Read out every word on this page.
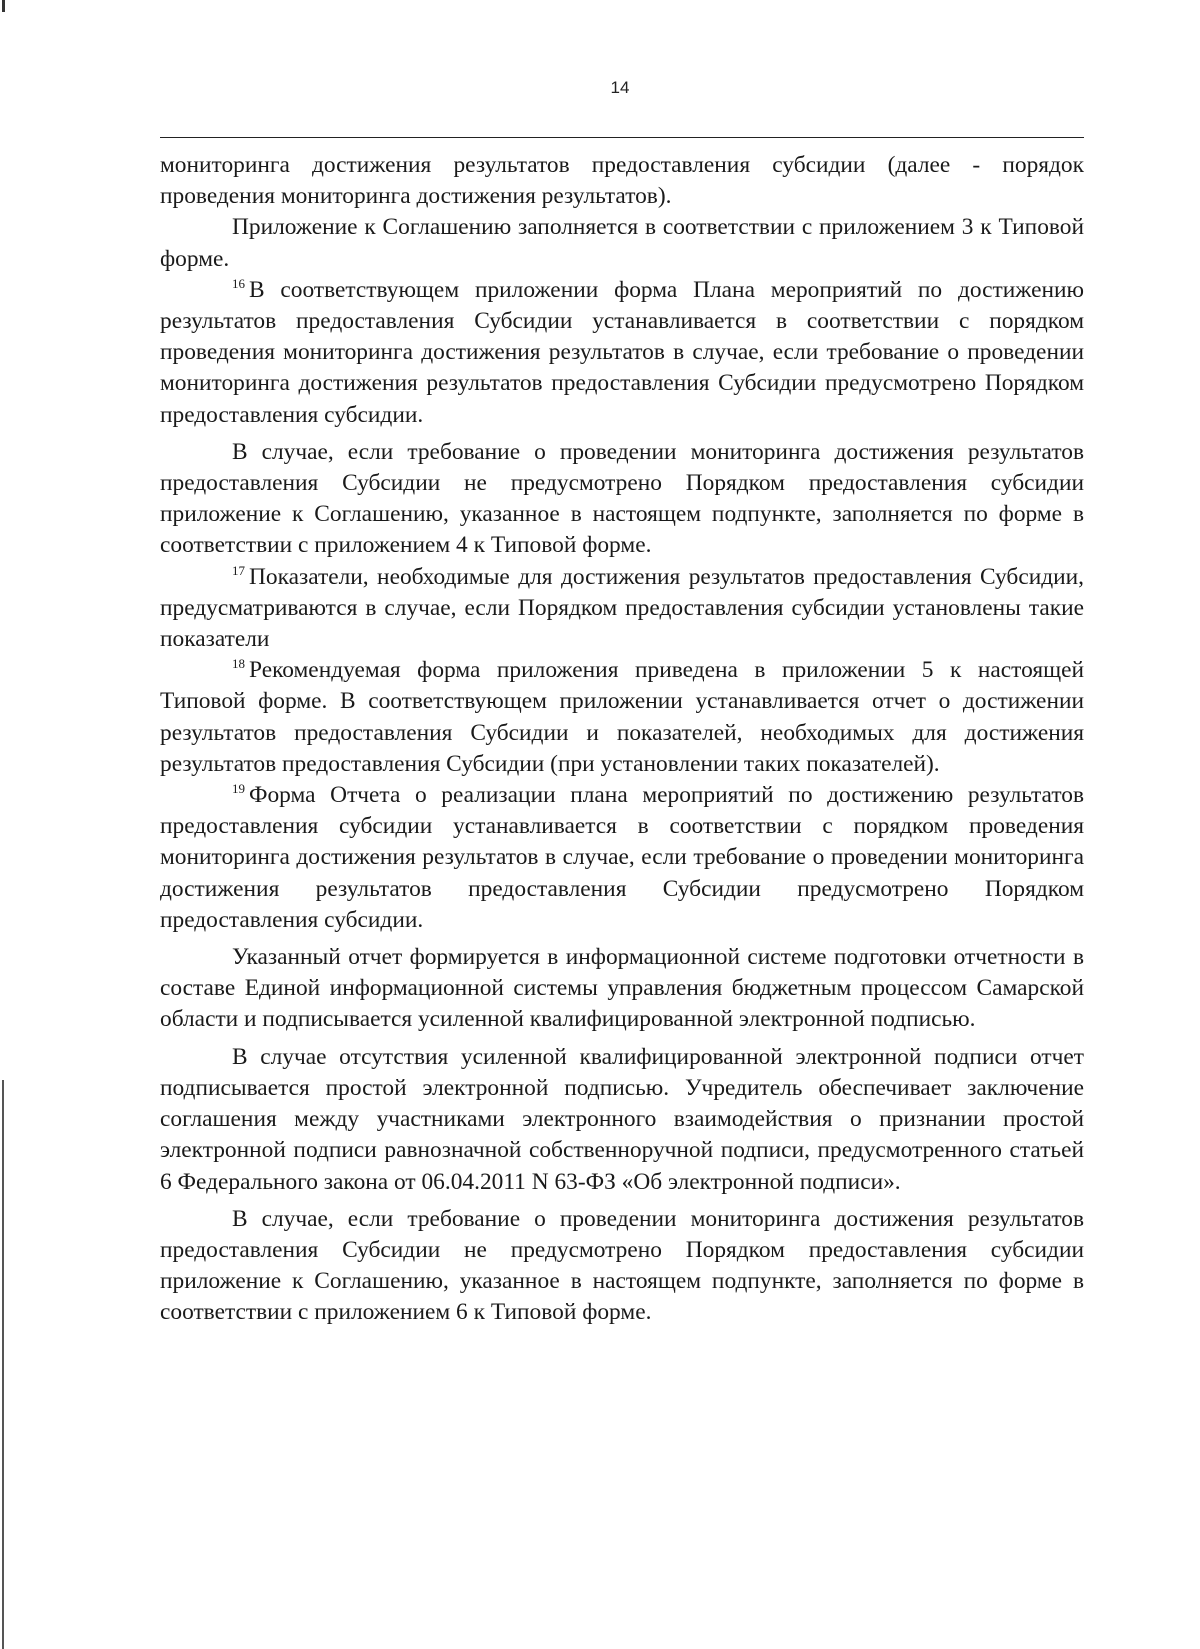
14

мониторинга достижения результатов предоставления субсидии (далее - порядок проведения мониторинга достижения результатов).

Приложение к Соглашению заполняется в соответствии с приложением 3 к Типовой форме.

$^{16}$ В соответствующем приложении форма Плана мероприятий по достижению результатов предоставления Субсидии устанавливается в соответствии с порядком проведения мониторинга достижения результатов в случае, если требование о проведении мониторинга достижения результатов предоставления Субсидии предусмотрено Порядком предоставления субсидии.

В случае, если требование о проведении мониторинга достижения результатов предоставления Субсидии не предусмотрено Порядком предоставления субсидии приложение к Соглашению, указанное в настоящем подпункте, заполняется по форме в соответствии с приложением 4 к Типовой форме.

$^{17}$ Показатели, необходимые для достижения результатов предоставления Субсидии, предусматриваются в случае, если Порядком предоставления субсидии установлены такие показатели

$^{18}$ Рекомендуемая форма приложения приведена в приложении 5 к настоящей Типовой форме. В соответствующем приложении устанавливается отчет о достижении результатов предоставления Субсидии и показателей, необходимых для достижения результатов предоставления Субсидии (при установлении таких показателей).

$^{19}$ Форма Отчета о реализации плана мероприятий по достижению результатов предоставления субсидии устанавливается в соответствии с порядком проведения мониторинга достижения результатов в случае, если требование о проведении мониторинга достижения результатов предоставления Субсидии предусмотрено Порядком предоставления субсидии.

Указанный отчет формируется в информационной системе подготовки отчетности в составе Единой информационной системы управления бюджетным процессом Самарской области и подписывается усиленной квалифицированной электронной подписью.

В случае отсутствия усиленной квалифицированной электронной подписи отчет подписывается простой электронной подписью. Учредитель обеспечивает заключение соглашения между участниками электронного взаимодействия о признании простой электронной подписи равнозначной собственноручной подписи, предусмотренного статьей 6 Федерального закона от 06.04.2011 N 63-ФЗ «Об электронной подписи».

В случае, если требование о проведении мониторинга достижения результатов предоставления Субсидии не предусмотрено Порядком предоставления субсидии приложение к Соглашению, указанное в настоящем подпункте, заполняется по форме в соответствии с приложением 6 к Типовой форме.
